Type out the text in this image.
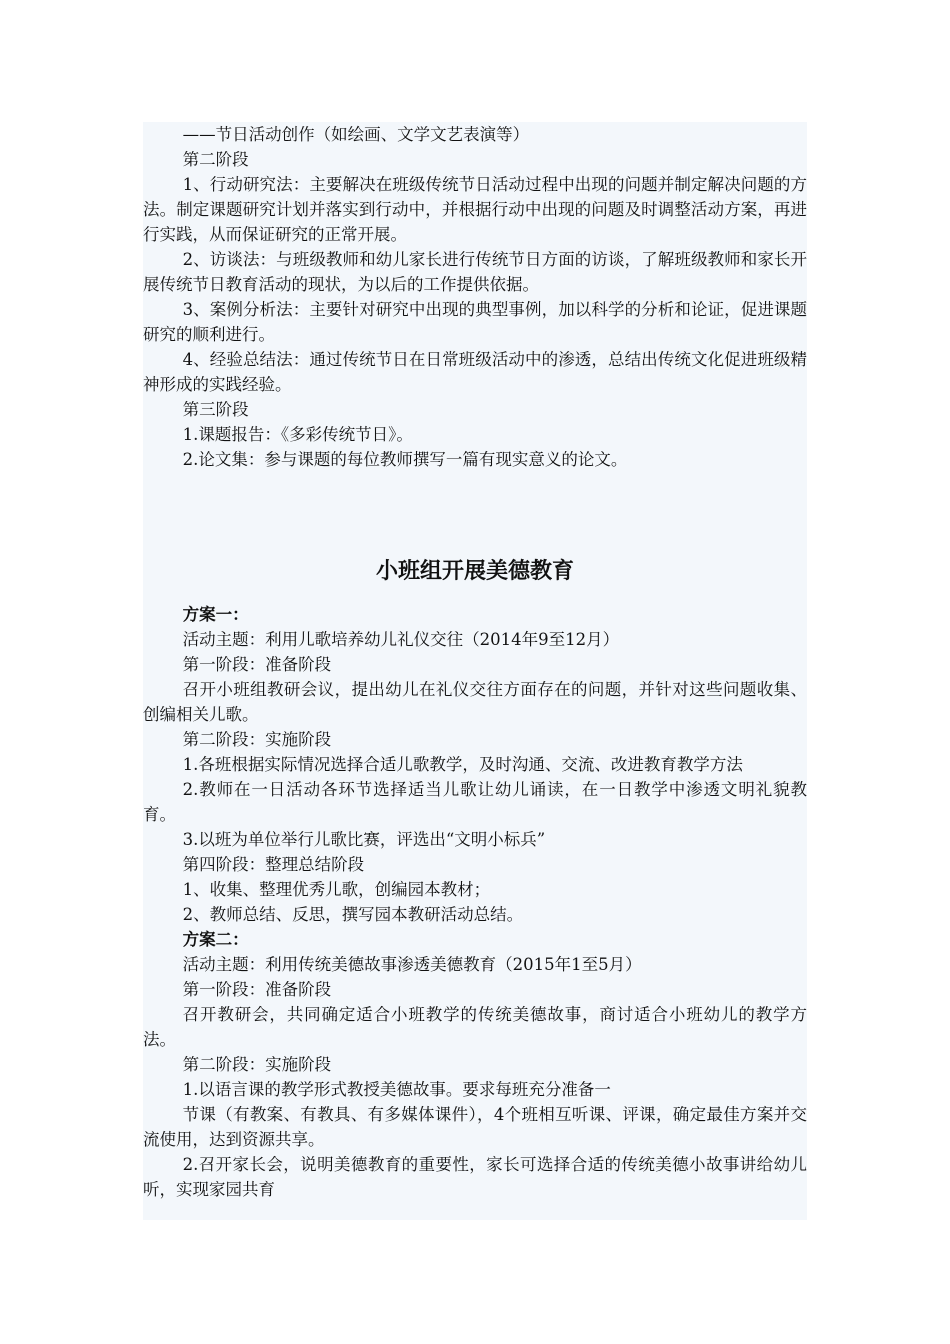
——节日活动创作（如绘画、文学文艺表演等）

第二阶段

1、行动研究法：主要解决在班级传统节日活动过程中出现的问题并制定解决问题的方法。制定课题研究计划并落实到行动中，并根据行动中出现的问题及时调整活动方案，再进行实践，从而保证研究的正常开展。

2、访谈法：与班级教师和幼儿家长进行传统节日方面的访谈，了解班级教师和家长开展传统节日教育活动的现状，为以后的工作提供依据。

3、案例分析法：主要针对研究中出现的典型事例，加以科学的分析和论证，促进课题研究的顺利进行。

4、经验总结法：通过传统节日在日常班级活动中的渗透，总结出传统文化促进班级精神形成的实践经验。

第三阶段

1.课题报告：《多彩传统节日》。

2.论文集：参与课题的每位教师撰写一篇有现实意义的论文。

小班组开展美德教育

方案一：

活动主题：利用儿歌培养幼儿礼仪交往（2014年9至12月）

第一阶段：准备阶段

召开小班组教研会议，提出幼儿在礼仪交往方面存在的问题，并针对这些问题收集、创编相关儿歌。

第二阶段：实施阶段

1.各班根据实际情况选择合适儿歌教学，及时沟通、交流、改进教育教学方法

2.教师在一日活动各环节选择适当儿歌让幼儿诵读，在一日教学中渗透文明礼貌教育。

3.以班为单位举行儿歌比赛，评选出“文明小标兵”

第四阶段：整理总结阶段

1、收集、整理优秀儿歌，创编园本教材；

2、教师总结、反思，撰写园本教研活动总结。

方案二：

活动主题：利用传统美德故事渗透美德教育（2015年1至5月）

第一阶段：准备阶段

召开教研会，共同确定适合小班教学的传统美德故事，商讨适合小班幼儿的教学方法。

第二阶段：实施阶段

1.以语言课的教学形式教授美德故事。要求每班充分准备一

节课（有教案、有教具、有多媒体课件），4个班相互听课、评课，确定最佳方案并交流使用，达到资源共享。

2.召开家长会，说明美德教育的重要性，家长可选择合适的传统美德小故事讲给幼儿听，实现家园共育
